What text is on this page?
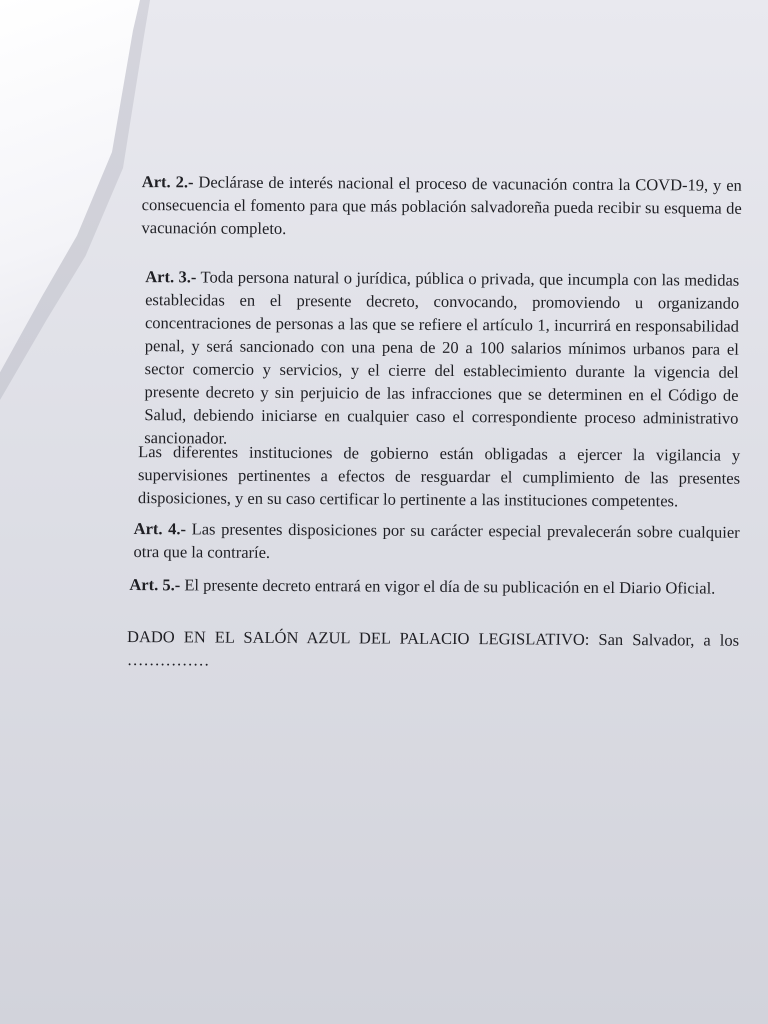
Art. 2.- Declárase de interés nacional el proceso de vacunación contra la COVD-19, y en consecuencia el fomento para que más población salvadoreña pueda recibir su esquema de vacunación completo.

Art. 3.- Toda persona natural o jurídica, pública o privada, que incumpla con las medidas establecidas en el presente decreto, convocando, promoviendo u organizando concentraciones de personas a las que se refiere el artículo 1, incurrirá en responsabilidad penal, y será sancionado con una pena de 20 a 100 salarios mínimos urbanos para el sector comercio y servicios, y el cierre del establecimiento durante la vigencia del presente decreto y sin perjuicio de las infracciones que se determinen en el Código de Salud, debiendo iniciarse en cualquier caso el correspondiente proceso administrativo sancionador.

Las diferentes instituciones de gobierno están obligadas a ejercer la vigilancia y supervisiones pertinentes a efectos de resguardar el cumplimiento de las presentes disposiciones, y en su caso certificar lo pertinente a las instituciones competentes.

Art. 4.- Las presentes disposiciones por su carácter especial prevalecerán sobre cualquier otra que la contraríe.

Art. 5.- El presente decreto entrará en vigor el día de su publicación en el Diario Oficial.

DADO EN EL SALÓN AZUL DEL PALACIO LEGISLATIVO: San Salvador, a los ……………
